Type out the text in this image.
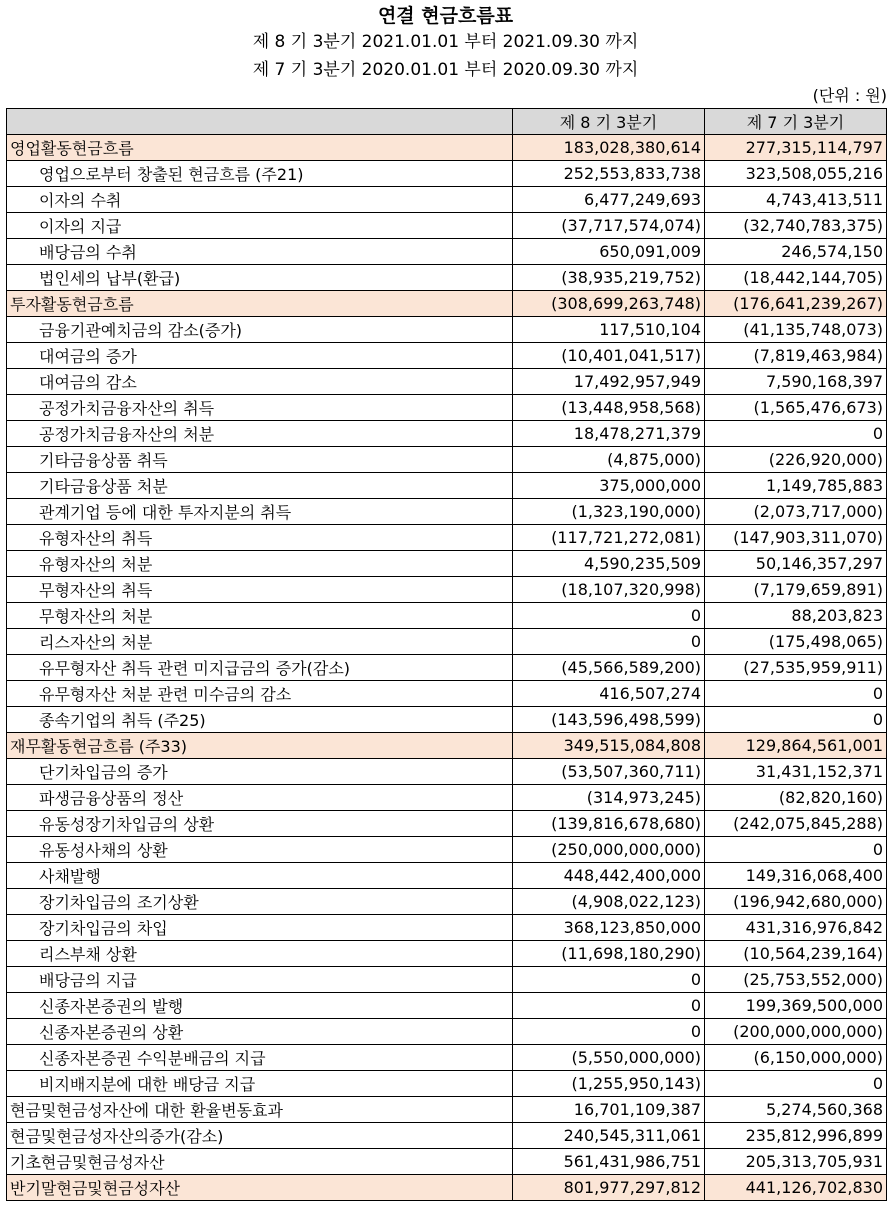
연결 현금흐름표
제 8 기 3분기 2021.01.01 부터 2021.09.30 까지
제 7 기 3분기 2020.01.01 부터 2020.09.30 까지
(단위 : 원)
	제 8 기 3분기	제 7 기 3분기
영업활동현금흐름	183,028,380,614	277,315,114,797
영업으로부터 창출된 현금흐름 (주21)	252,553,833,738	323,508,055,216
이자의 수취	6,477,249,693	4,743,413,511
이자의 지급	(37,717,574,074)	(32,740,783,375)
배당금의 수취	650,091,009	246,574,150
법인세의 납부(환급)	(38,935,219,752)	(18,442,144,705)
투자활동현금흐름	(308,699,263,748)	(176,641,239,267)
금융기관예치금의 감소(증가)	117,510,104	(41,135,748,073)
대여금의 증가	(10,401,041,517)	(7,819,463,984)
대여금의 감소	17,492,957,949	7,590,168,397
공정가치금융자산의 취득	(13,448,958,568)	(1,565,476,673)
공정가치금융자산의 처분	18,478,271,379	0
기타금융상품 취득	(4,875,000)	(226,920,000)
기타금융상품 처분	375,000,000	1,149,785,883
관계기업 등에 대한 투자지분의 취득	(1,323,190,000)	(2,073,717,000)
유형자산의 취득	(117,721,272,081)	(147,903,311,070)
유형자산의 처분	4,590,235,509	50,146,357,297
무형자산의 취득	(18,107,320,998)	(7,179,659,891)
무형자산의 처분	0	88,203,823
리스자산의 처분	0	(175,498,065)
유무형자산 취득 관련 미지급금의 증가(감소)	(45,566,589,200)	(27,535,959,911)
유무형자산 처분 관련 미수금의 감소	416,507,274	0
종속기업의 취득 (주25)	(143,596,498,599)	0
재무활동현금흐름 (주33)	349,515,084,808	129,864,561,001
단기차입금의 증가	(53,507,360,711)	31,431,152,371
파생금융상품의 정산	(314,973,245)	(82,820,160)
유동성장기차입금의 상환	(139,816,678,680)	(242,075,845,288)
유동성사채의 상환	(250,000,000,000)	0
사채발행	448,442,400,000	149,316,068,400
장기차입금의 조기상환	(4,908,022,123)	(196,942,680,000)
장기차입금의 차입	368,123,850,000	431,316,976,842
리스부채 상환	(11,698,180,290)	(10,564,239,164)
배당금의 지급	0	(25,753,552,000)
신종자본증권의 발행	0	199,369,500,000
신종자본증권의 상환	0	(200,000,000,000)
신종자본증권 수익분배금의 지급	(5,550,000,000)	(6,150,000,000)
비지배지분에 대한 배당금 지급	(1,255,950,143)	0
현금및현금성자산에 대한 환율변동효과	16,701,109,387	5,274,560,368
현금및현금성자산의증가(감소)	240,545,311,061	235,812,996,899
기초현금및현금성자산	561,431,986,751	205,313,705,931
반기말현금및현금성자산	801,977,297,812	441,126,702,830
